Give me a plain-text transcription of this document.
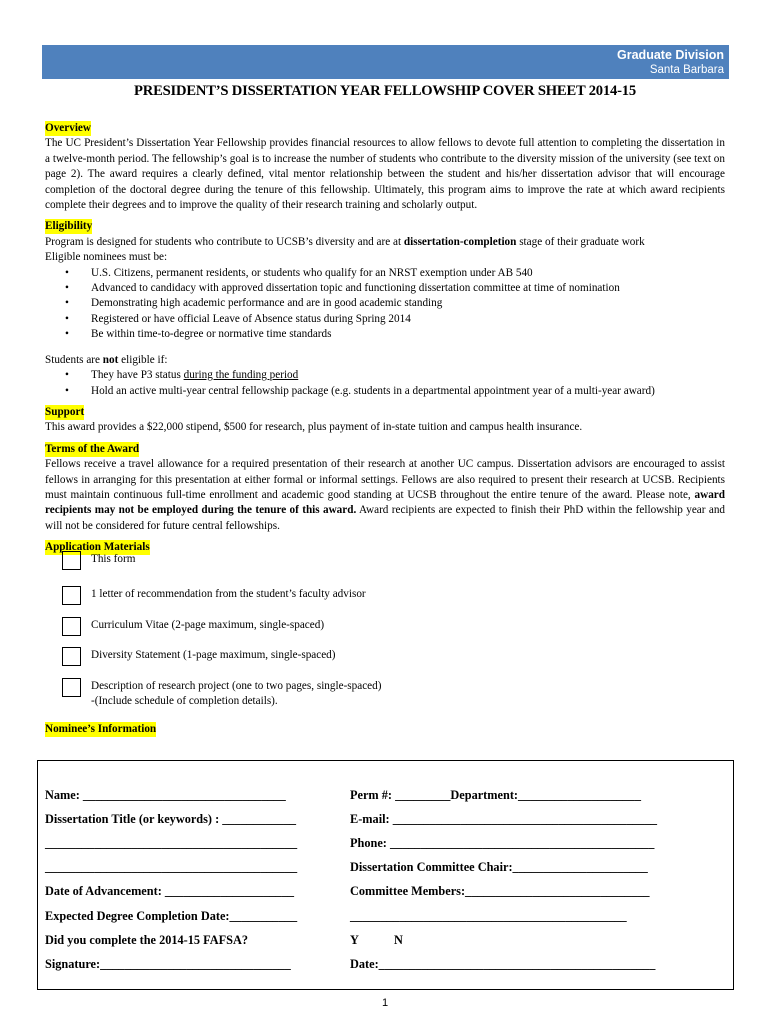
Graduate Division
Santa Barbara
PRESIDENT’S DISSERTATION YEAR FELLOWSHIP COVER SHEET 2014-15
Overview
The UC President’s Dissertation Year Fellowship provides financial resources to allow fellows to devote full attention to completing the dissertation in a twelve-month period. The fellowship’s goal is to increase the number of students who contribute to the diversity mission of the university (see text on page 2). The award requires a clearly defined, vital mentor relationship between the student and his/her dissertation advisor that will encourage completion of the doctoral degree during the tenure of this fellowship. Ultimately, this program aims to improve the rate at which award recipients complete their degrees and to improve the quality of their research training and scholarly output.
Eligibility
Program is designed for students who contribute to UCSB’s diversity and are at dissertation-completion stage of their graduate work
Eligible nominees must be:
• U.S. Citizens, permanent residents, or students who qualify for an NRST exemption under AB 540
• Advanced to candidacy with approved dissertation topic and functioning dissertation committee at time of nomination
• Demonstrating high academic performance and are in good academic standing
• Registered or have official Leave of Absence status during Spring 2014
• Be within time-to-degree or normative time standards
Students are not eligible if:
• They have P3 status during the funding period
• Hold an active multi-year central fellowship package (e.g. students in a departmental appointment year of a multi-year award)
Support
This award provides a $22,000 stipend, $500 for research, plus payment of in-state tuition and campus health insurance.
Terms of the Award
Fellows receive a travel allowance for a required presentation of their research at another UC campus. Dissertation advisors are encouraged to assist fellows in arranging for this presentation at either formal or informal settings. Fellows are also required to present their research at UCSB. Recipients must maintain continuous full-time enrollment and academic good standing at UCSB throughout the entire tenure of the award. Please note, award recipients may not be employed during the tenure of this award. Award recipients are expected to finish their PhD within the fellowship year and will not be considered for future central fellowships.
Application Materials
This form
1 letter of recommendation from the student’s faculty advisor
Curriculum Vitae (2-page maximum, single-spaced)
Diversity Statement (1-page maximum, single-spaced)
Description of research project (one to two pages, single-spaced)
-(Include schedule of completion details).
Nominee’s Information
Name: _________________________________	Perm #: _________Department:____________________
Dissertation Title (or keywords) : ____________	E-mail: ___________________________________________
_________________________________________	Phone: ___________________________________________
_________________________________________	Dissertation Committee Chair:______________________
Date of Advancement: _____________________	Committee Members:______________________________
Expected Degree Completion Date:___________	_____________________________________________
Did you complete the 2014-15 FAFSA?	Y	N
Signature:_______________________________	Date:_____________________________________________
1
